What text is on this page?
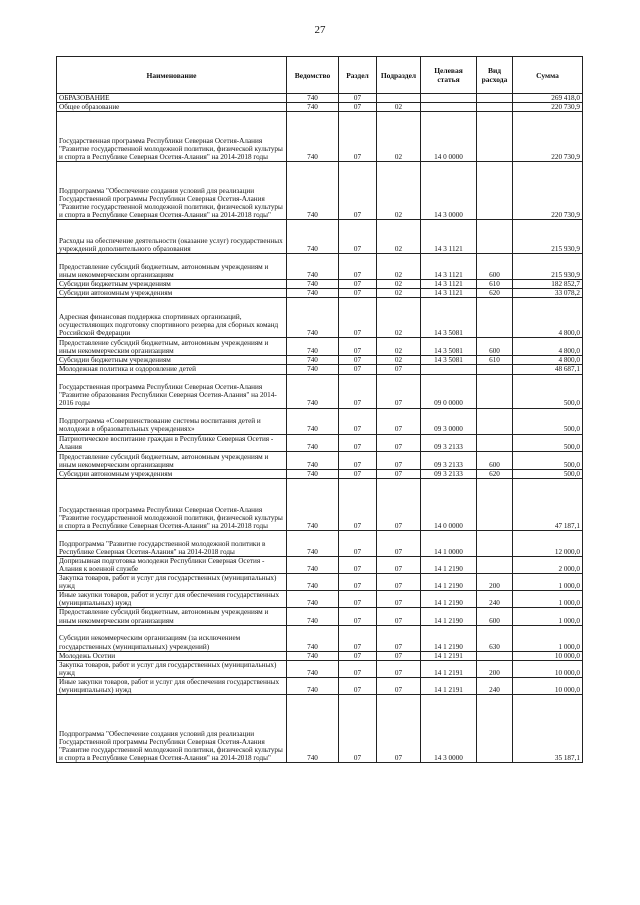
27
Наименование	Ведомство	Раздел	Подраздел	Целевая статья	Вид расхода	Сумма
ОБРАЗОВАНИЕ	740	07				269 418,0
Общее образование	740	07	02			220 730,9
Государственная программа Республики Северная Осетия-Алания "Развитие государственной молодежной политики, физической культуры и спорта в Республике Северная Осетия-Алания" на 2014-2018 годы	740	07	02	14 0 0000		220 730,9
Подпрограмма "Обеспечение создания условий для реализации Государственной программы Республики Северная Осетия-Алания "Развитие государственной молодежной политики, физической культуры и спорта в Республике Северная Осетия-Алания" на 2014-2018 годы"	740	07	02	14 3 0000		220 730,9
Расходы на обеспечение деятельности (оказание услуг) государственных учреждений дополнительного образования	740	07	02	14 3 1121		215 930,9
Предоставление субсидий бюджетным, автономным учреждениям и иным некоммерческим организациям	740	07	02	14 3 1121	600	215 930,9
Субсидии бюджетным учреждениям	740	07	02	14 3 1121	610	182 852,7
Субсидии автономным учреждениям	740	07	02	14 3 1121	620	33 078,2
Адресная финансовая поддержка спортивных организаций, осуществляющих подготовку спортивного резерва для сборных команд Российской Федерации	740	07	02	14 3 5081		4 800,0
Предоставление субсидий бюджетным, автономным учреждениям и иным некоммерческим организациям	740	07	02	14 3 5081	600	4 800,0
Субсидии бюджетным учреждениям	740	07	02	14 3 5081	610	4 800,0
Молодежная политика и оздоровление детей	740	07	07			48 687,1
Государственная программа Республики Северная Осетия-Алания "Развитие образования Республики Северная Осетия-Алания" на 2014-2016 годы	740	07	07	09 0 0000		500,0
Подпрограмма «Совершенствование системы воспитания детей и молодежи в образовательных учреждениях»	740	07	07	09 3 0000		500,0
Патриотическое воспитание граждан в Республике Северная Осетия - Алания	740	07	07	09 3 2133		500,0
Предоставление субсидий бюджетным, автономным учреждениям и иным некоммерческим организациям	740	07	07	09 3 2133	600	500,0
Субсидии автономным учреждениям	740	07	07	09 3 2133	620	500,0
Государственная программа Республики Северная Осетия-Алания "Развитие государственной молодежной политики, физической культуры и спорта в Республике Северная Осетия-Алания" на 2014-2018 годы	740	07	07	14 0 0000		47 187,1
Подпрограмма "Развитие государственной молодежной политики в Республике Северная Осетия-Алания" на 2014-2018 годы	740	07	07	14 1 0000		12 000,0
Допризывная подготовка молодежи Республики Северная Осетия - Алания к военной службе	740	07	07	14 1 2190		2 000,0
Закупка товаров, работ и услуг для государственных (муниципальных) нужд	740	07	07	14 1 2190	200	1 000,0
Иные закупки товаров, работ и услуг для обеспечения государственных (муниципальных) нужд	740	07	07	14 1 2190	240	1 000,0
Предоставление субсидий бюджетным, автономным учреждениям и иным некоммерческим организациям	740	07	07	14 1 2190	600	1 000,0
Субсидии некоммерческим организациям (за исключением государственных (муниципальных) учреждений)	740	07	07	14 1 2190	630	1 000,0
Молодежь Осетии	740	07	07	14 1 2191		10 000,0
Закупка товаров, работ и услуг для государственных (муниципальных) нужд	740	07	07	14 1 2191	200	10 000,0
Иные закупки товаров, работ и услуг для обеспечения государственных (муниципальных) нужд	740	07	07	14 1 2191	240	10 000,0
Подпрограмма "Обеспечение создания условий для реализации Государственной программы Республики Северная Осетия-Алания "Развитие государственной молодежной политики, физической культуры и спорта в Республике Северная Осетия-Алания" на 2014-2018 годы"	740	07	07	14 3 0000		35 187,1
